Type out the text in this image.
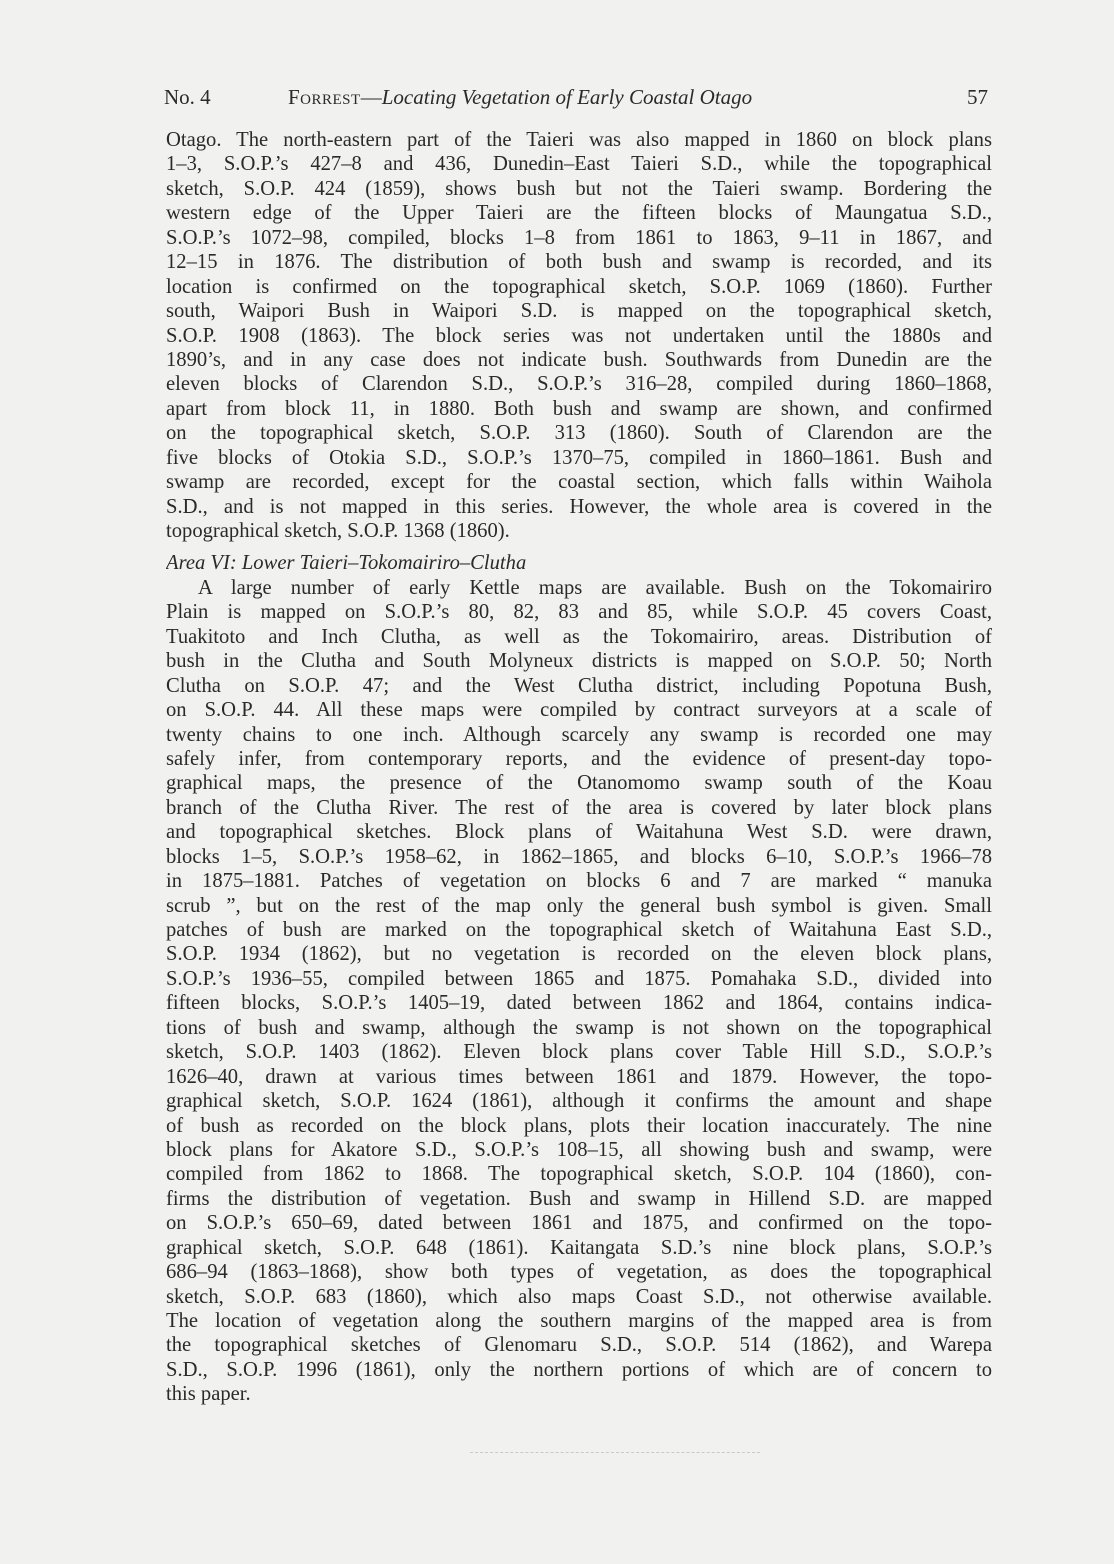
No. 4	Forrest—Locating Vegetation of Early Coastal Otago	57
Otago. The north-eastern part of the Taieri was also mapped in 1860 on block plans
1–3, S.O.P.’s 427–8 and 436, Dunedin–East Taieri S.D., while the topographical
sketch, S.O.P. 424 (1859), shows bush but not the Taieri swamp. Bordering the
western edge of the Upper Taieri are the fifteen blocks of Maungatua S.D.,
S.O.P.’s 1072–98, compiled, blocks 1–8 from 1861 to 1863, 9–11 in 1867, and
12–15 in 1876. The distribution of both bush and swamp is recorded, and its
location is confirmed on the topographical sketch, S.O.P. 1069 (1860). Further
south, Waipori Bush in Waipori S.D. is mapped on the topographical sketch,
S.O.P. 1908 (1863). The block series was not undertaken until the 1880s and
1890’s, and in any case does not indicate bush. Southwards from Dunedin are the
eleven blocks of Clarendon S.D., S.O.P.’s 316–28, compiled during 1860–1868,
apart from block 11, in 1880. Both bush and swamp are shown, and confirmed
on the topographical sketch, S.O.P. 313 (1860). South of Clarendon are the
five blocks of Otokia S.D., S.O.P.’s 1370–75, compiled in 1860–1861. Bush and
swamp are recorded, except for the coastal section, which falls within Waihola
S.D., and is not mapped in this series. However, the whole area is covered in the
topographical sketch, S.O.P. 1368 (1860).
Area VI: Lower Taieri–Tokomairiro–Clutha
A large number of early Kettle maps are available. Bush on the Tokomairiro
Plain is mapped on S.O.P.’s 80, 82, 83 and 85, while S.O.P. 45 covers Coast,
Tuakitoto and Inch Clutha, as well as the Tokomairiro, areas. Distribution of
bush in the Clutha and South Molyneux districts is mapped on S.O.P. 50; North
Clutha on S.O.P. 47; and the West Clutha district, including Popotuna Bush,
on S.O.P. 44. All these maps were compiled by contract surveyors at a scale of
twenty chains to one inch. Although scarcely any swamp is recorded one may
safely infer, from contemporary reports, and the evidence of present-day topo-
graphical maps, the presence of the Otanomomo swamp south of the Koau
branch of the Clutha River. The rest of the area is covered by later block plans
and topographical sketches. Block plans of Waitahuna West S.D. were drawn,
blocks 1–5, S.O.P.’s 1958–62, in 1862–1865, and blocks 6–10, S.O.P.’s 1966–78
in 1875–1881. Patches of vegetation on blocks 6 and 7 are marked “ manuka
scrub ”, but on the rest of the map only the general bush symbol is given. Small
patches of bush are marked on the topographical sketch of Waitahuna East S.D.,
S.O.P. 1934 (1862), but no vegetation is recorded on the eleven block plans,
S.O.P.’s 1936–55, compiled between 1865 and 1875. Pomahaka S.D., divided into
fifteen blocks, S.O.P.’s 1405–19, dated between 1862 and 1864, contains indica-
tions of bush and swamp, although the swamp is not shown on the topographical
sketch, S.O.P. 1403 (1862). Eleven block plans cover Table Hill S.D., S.O.P.’s
1626–40, drawn at various times between 1861 and 1879. However, the topo-
graphical sketch, S.O.P. 1624 (1861), although it confirms the amount and shape
of bush as recorded on the block plans, plots their location inaccurately. The nine
block plans for Akatore S.D., S.O.P.’s 108–15, all showing bush and swamp, were
compiled from 1862 to 1868. The topographical sketch, S.O.P. 104 (1860), con-
firms the distribution of vegetation. Bush and swamp in Hillend S.D. are mapped
on S.O.P.’s 650–69, dated between 1861 and 1875, and confirmed on the topo-
graphical sketch, S.O.P. 648 (1861). Kaitangata S.D.’s nine block plans, S.O.P.’s
686–94 (1863–1868), show both types of vegetation, as does the topographical
sketch, S.O.P. 683 (1860), which also maps Coast S.D., not otherwise available.
The location of vegetation along the southern margins of the mapped area is from
the topographical sketches of Glenomaru S.D., S.O.P. 514 (1862), and Warepa
S.D., S.O.P. 1996 (1861), only the northern portions of which are of concern to
this paper.
